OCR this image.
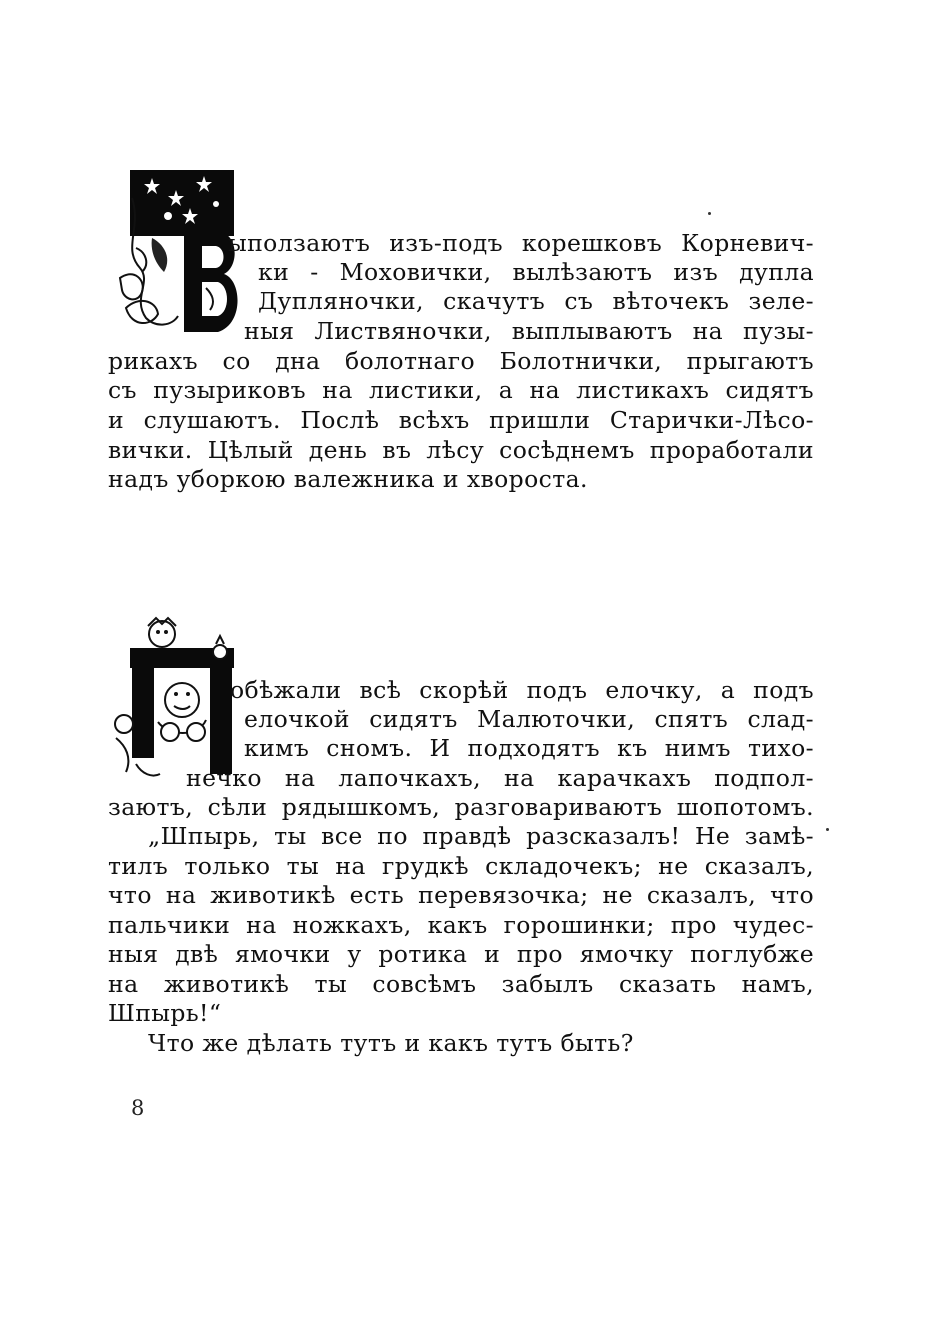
ыползаютъ изъ-подъ корешковъ Корневич-
ки - Моховички, вылѣзаютъ изъ дупла
Дупляночки, скачутъ съ вѣточекъ зеле-
ныя Листвяночки, выплываютъ на пузы-
рикахъ со дна болотнаго Болотнички, прыгаютъ
съ пузыриковъ на листики, а на листикахъ сидятъ
и слушаютъ. Послѣ всѣхъ пришли Старички-Лѣсо-
вички. Цѣлый день въ лѣсу сосѣднемъ проработали
надъ уборкою валежника и хвороста.
обѣжали всѣ скорѣй подъ елочку, а подъ
елочкой сидятъ Малюточки, спятъ слад-
кимъ сномъ. И подходятъ къ нимъ тихо-
нечко на лапочкахъ, на карачкахъ подпол-
заютъ, сѣли рядышкомъ, разговариваютъ шопотомъ.
„Шпырь, ты все по правдѣ разсказалъ! Не замѣ-
тилъ только ты на грудкѣ складочекъ; не сказалъ,
что на животикѣ есть перевязочка; не сказалъ, что
пальчики на ножкахъ, какъ горошинки; про чудес-
ныя двѣ ямочки у ротика и про ямочку поглубже
на животикѣ ты совсѣмъ забылъ сказать намъ,
Шпырь!“
Что же дѣлать тутъ и какъ тутъ быть?
8
